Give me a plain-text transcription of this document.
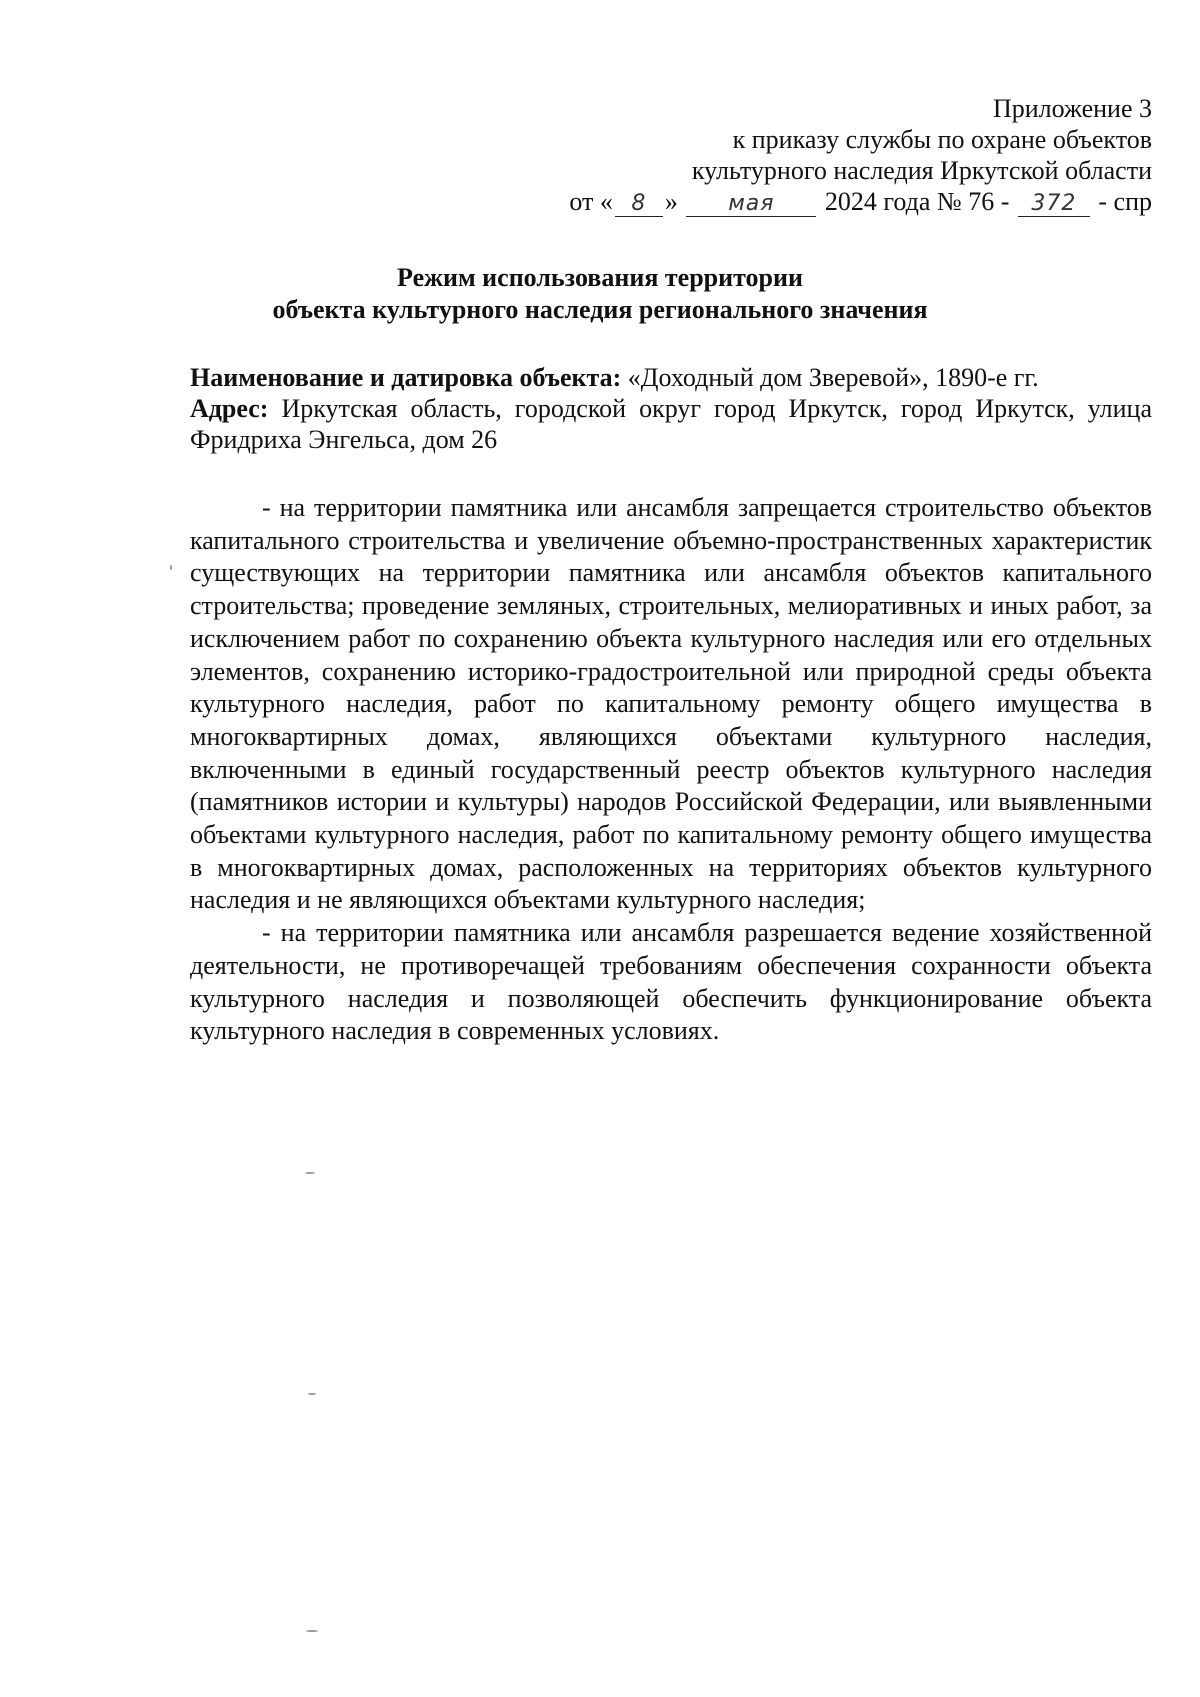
Приложение 3
к приказу службы по охране объектов
культурного наследия Иркутской области
от « 8 » мая 2024 года № 76 - 372 - спр
Режим использования территории
объекта культурного наследия регионального значения
Наименование и датировка объекта: «Доходный дом Зверевой», 1890-е гг.
Адрес: Иркутская область, городской округ город Иркутск, город Иркутск, улица Фридриха Энгельса, дом 26

- на территории памятника или ансамбля запрещается строительство объектов капитального строительства и увеличение объемно-пространственных характеристик существующих на территории памятника или ансамбля объектов капитального строительства; проведение земляных, строительных, мелиоративных и иных работ, за исключением работ по сохранению объекта культурного наследия или его отдельных элементов, сохранению историко-градостроительной или природной среды объекта культурного наследия, работ по капитальному ремонту общего имущества в многоквартирных домах, являющихся объектами культурного наследия, включенными в единый государственный реестр объектов культурного наследия (памятников истории и культуры) народов Российской Федерации, или выявленными объектами культурного наследия, работ по капитальному ремонту общего имущества в многоквартирных домах, расположенных на территориях объектов культурного наследия и не являющихся объектами культурного наследия;

- на территории памятника или ансамбля разрешается ведение хозяйственной деятельности, не противоречащей требованиям обеспечения сохранности объекта культурного наследия и позволяющей обеспечить функционирование объекта культурного наследия в современных условиях.
